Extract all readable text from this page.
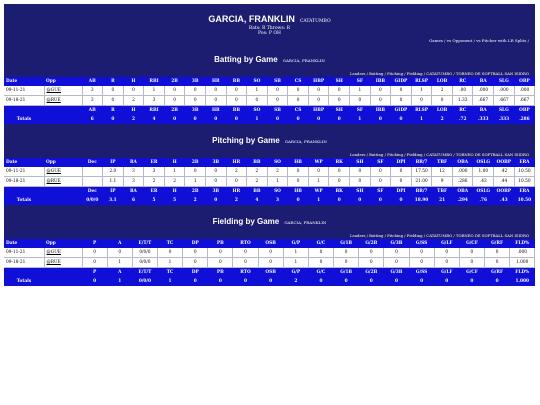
GARCIA, FRANKLIN CATATUMBO
Bats: R Throws: R
Pos: P OH
Games / vs Opponent / vs Pitcher with LR Splits /
Batting by Game GARCIA, FRANKLIN
Leaders / Batting / Pitching / Fielding / CATATUMBO / TORNEO DE SOFTBALL SAN ISIDRO
Date	Opp	AB	R	H	RBI	2B	3B	HR	BB	SO	SB	CS	HBP	SH	SF	IBB	GIDP	RLSP	LOB	RC	BA	SLG	OBP
09-11-21	@GUE	3	0	0	1	0	0	0	0	1	0	0	0	0	1	0	0	1	2	.00	.000	.000	.000
09-18-21	@RUE	3	0	2	3	0	0	0	0	0	0	0	0	0	0	0	0	0	0	1.33	.667	.667	.667
		AB	R	H	RBI	2B	3B	HR	BB	SO	SB	CS	HBP	SH	SF	IBB	GIDP	RLSP	LOB	RC	BA	SLG	OBP
Totals		6	0	2	4	0	0	0	0	1	0	0	0	0	1	0	0	1	2	.72	.333	.333	.286
Pitching by Game GARCIA, FRANKLIN
Leaders / Batting / Pitching / Fielding / CATATUMBO / TORNEO DE SOFTBALL SAN ISIDRO
Date	Opp	Dec	IP	RA	ER	H	2B	3B	HR	BB	SO	HB	WP	BK	SH	SF	DPI	BR/7	TBF	OBA	OSLG	OOBP	ERA
09-11-21	@GUE		2.0	3	3	1	0	0	2	2	2	0	0	0	0	0	0	17.50	12	.000	1.00	.42	10.50
09-18-21	@RUE		1.1	3	2	2	1	0	0	2	1	0	1	0	0	0	0	21.00	9	.286	.43	.44	10.50
		Dec	IP	RA	ER	H	2B	3B	HR	BB	SO	HB	WP	BK	SH	SF	DPI	BR/7	TBF	OBA	OSLG	OOBP	ERA
Totals		0/0/0	3.1	6	5	5	2	0	2	4	3	0	1	0	0	0	0	18.90	21	.294	.76	.43	10.50
Fielding by Game GARCIA, FRANKLIN
Leaders / Batting / Pitching / Fielding / CATATUMBO / TORNEO DE SOFTBALL SAN ISIDRO
Date	Opp	P	A	E/T/T	TC	DP	PB	RTO	OSB	G/P	G/C	G/1B	G/2B	G/3B	G/SS	G/LF	G/CF	G/RF	FLD%
09-11-21	@GUE	0	0	0/0/0	0	0	0	0	0	1	0	0	0	0	0	0	0	0	.000
09-18-21	@RUE	0	1	0/0/0	1	0	0	0	0	1	0	0	0	0	0	0	0	0	1.000
		P	A	E/T/T	TC	DP	PB	RTO	OSB	G/P	G/C	G/1B	G/2B	G/3B	G/SS	G/LF	G/CF	G/RF	FLD%
Totals		0	1	0/0/0	1	0	0	0	0	2	0	0	0	0	0	0	0	0	1.000
